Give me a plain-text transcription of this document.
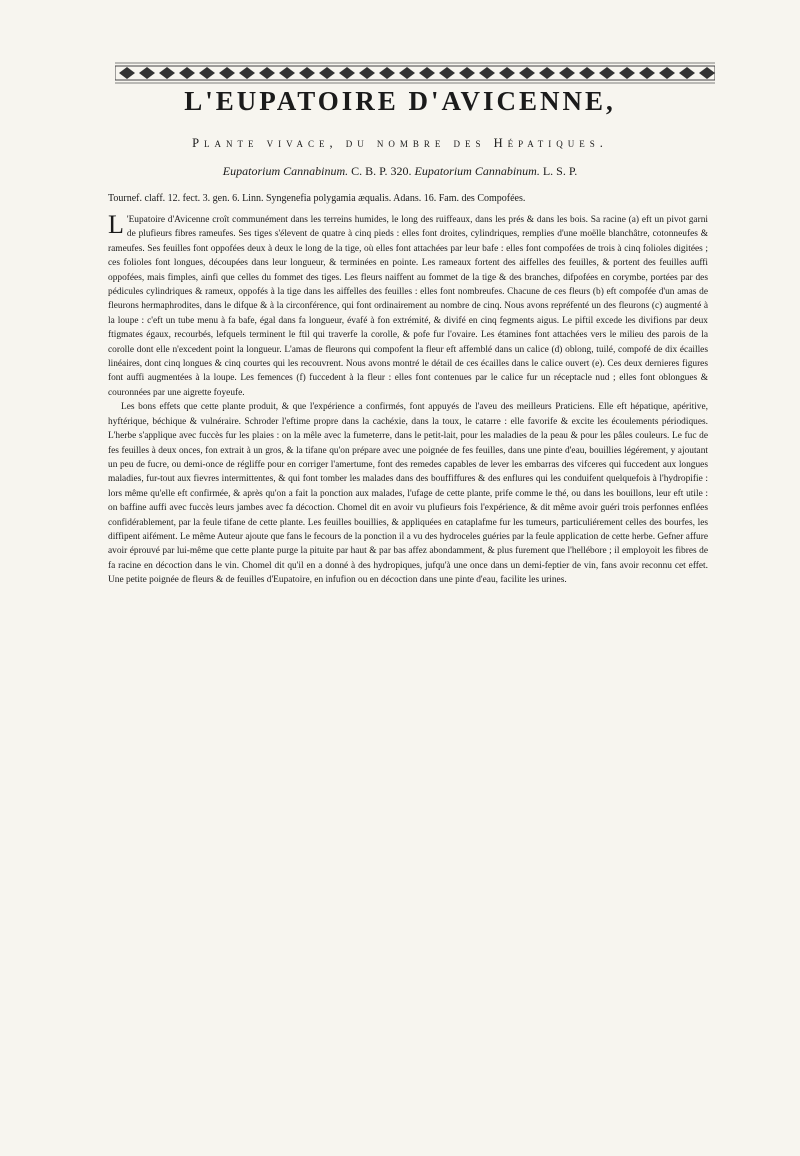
L'EUPATOIRE D'AVICENNE,

Plante vivace, du nombre des Hépatiques.

Eupatorium Cannabinum. C. B. P. 320. Eupatorium Cannabinum. L. S. P.

Tournef. claff. 12. fect. 3. gen. 6. Linn. Syngenefia polygamia æqualis. Adans. 16. Fam. des Compofées.

L 'Eupatoire d'Avicenne croît communément dans les terreins humides, le long des ruiffeaux, dans les prés & dans les bois. Sa racine (a) eft un pivot garni de plufieurs fibres rameufes. Ses tiges s'élevent de quatre à cinq pieds : elles font droites, cylindriques, remplies d'une moëlle blanchâtre, cotonneufes & rameufes. Ses feuilles font oppofées deux à deux le long de la tige, où elles font attachées par leur bafe : elles font compofées de trois à cinq folioles digitées ; ces folioles font longues, découpées dans leur longueur, & terminées en pointe. Les rameaux fortent des aiffelles des feuilles, & portent des feuilles auffi oppofées, mais fimples, ainfi que celles du fommet des tiges. Les fleurs naiffent au fommet de la tige & des branches, difpofées en corymbe, portées par des pédicules cylindriques & rameux, oppofés à la tige dans les aiffelles des feuilles : elles font nombreufes. Chacune de ces fleurs (b) eft compofée d'un amas de fleurons hermaphrodites, dans le difque & à la circonférence, qui font ordinairement au nombre de cinq. Nous avons repréfenté un des fleurons (c) augmenté à la loupe : c'eft un tube menu à fa bafe, égal dans fa longueur, évafé à fon extrémité, & divifé en cinq fegments aigus. Le piftil excede les divifions par deux ftigmates égaux, recourbés, lefquels terminent le ftil qui traverfe la corolle, & pofe fur l'ovaire. Les étamines font attachées vers le milieu des parois de la corolle dont elle n'excedent point la longueur. L'amas de fleurons qui compofent la fleur eft affemblé dans un calice (d) oblong, tuilé, compofé de dix écailles linéaires, dont cinq longues & cinq courtes qui les recouvrent. Nous avons montré le détail de ces écailles dans le calice ouvert (e). Ces deux dernieres figures font auffi augmentées à la loupe. Les femences (f) fuccedent à la fleur : elles font contenues par le calice fur un réceptacle nud ; elles font oblongues & couronnées par une aigrette foyeufe.

Les bons effets que cette plante produit, & que l'expérience a confirmés, font appuyés de l'aveu des meilleurs Praticiens. Elle eft hépatique, apéritive, hyftérique, béchique & vulnéraire. Schroder l'eftime propre dans la cachéxie, dans la toux, le catarre : elle favorife & excite les écoulements périodiques. L'herbe s'applique avec fuccès fur les plaies : on la mêle avec la fumeterre, dans le petit-lait, pour les maladies de la peau & pour les pâles couleurs. Le fuc de fes feuilles à deux onces, fon extrait à un gros, & la tifane qu'on prépare avec une poignée de fes feuilles, dans une pinte d'eau, bouillies légérement, y ajoutant un peu de fucre, ou demi-once de régliffe pour en corriger l'amertume, font des remedes capables de lever les embarras des vifceres qui fuccedent aux longues maladies, fur-tout aux fievres intermittentes, & qui font tomber les malades dans des bouffiffures & des enflures qui les conduifent quelquefois à l'hydropifie : lors même qu'elle eft confirmée, & après qu'on a fait la ponction aux malades, l'ufage de cette plante, prife comme le thé, ou dans les bouillons, leur eft utile : on baffine auffi avec fuccès leurs jambes avec fa décoction. Chomel dit en avoir vu plufieurs fois l'expérience, & dit même avoir guéri trois perfonnes enflées confidérablement, par la feule tifane de cette plante. Les feuilles bouillies, & appliquées en cataplafme fur les tumeurs, particuliérement celles des bourfes, les diffipent aifément. Le même Auteur ajoute que fans le fecours de la ponction il a vu des hydroceles guéries par la feule application de cette herbe. Gefner affure avoir éprouvé par lui-même que cette plante purge la pituite par haut & par bas affez abondamment, & plus furement que l'hellébore ; il employoit les fibres de fa racine en décoction dans le vin. Chomel dit qu'il en a donné à des hydropiques, jufqu'à une once dans un demi-feptier de vin, fans avoir reconnu cet effet. Une petite poignée de fleurs & de feuilles d'Eupatoire, en infufion ou en décoction dans une pinte d'eau, facilite les urines.
